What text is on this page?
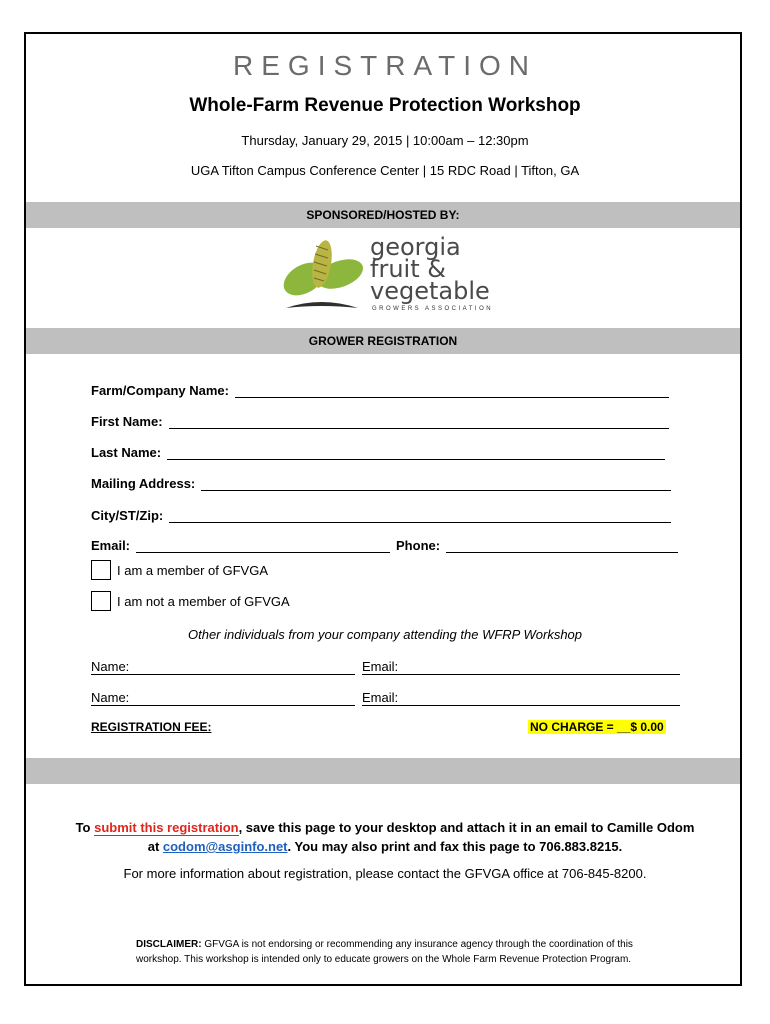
REGISTRATION
Whole-Farm Revenue Protection Workshop
Thursday, January 29, 2015 | 10:00am – 12:30pm
UGA Tifton Campus Conference Center | 15 RDC Road | Tifton, GA
SPONSORED/HOSTED BY:
georgia
fruit &
vegetable
GROWERS ASSOCIATION
GROWER REGISTRATION
Farm/Company Name:
First Name:
Last Name:
Mailing Address:
City/ST/Zip:
Email:	Phone:
I am a member of GFVGA
I am not a member of GFVGA
Other individuals from your company attending the WFRP Workshop
Name:	Email:
Name:	Email:
REGISTRATION FEE:	NO CHARGE = __$ 0.00
To submit this registration, save this page to your desktop and attach it in an email to Camille Odom
at codom@asginfo.net. You may also print and fax this page to 706.883.8215.
For more information about registration, please contact the GFVGA office at 706-845-8200.
DISCLAIMER: GFVGA is not endorsing or recommending any insurance agency through the coordination of this workshop. This workshop is intended only to educate growers on the Whole Farm Revenue Protection Program.
